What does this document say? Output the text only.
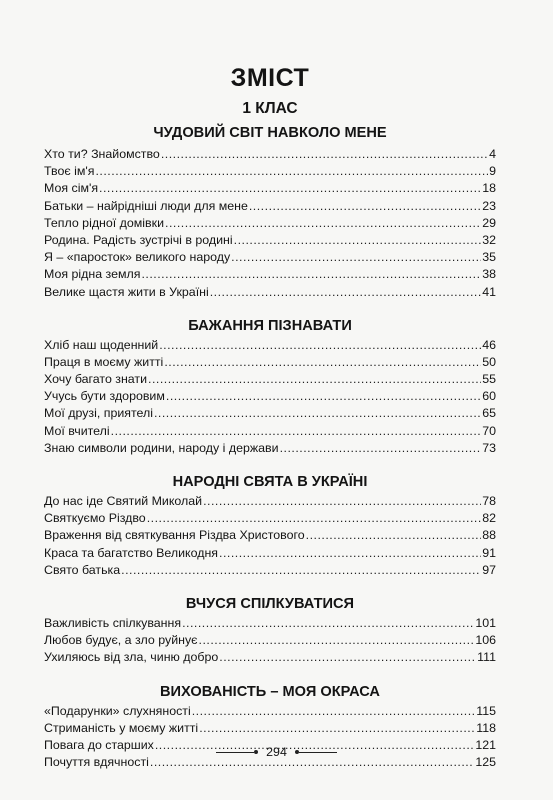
ЗМІСТ
1 КЛАС
ЧУДОВИЙ СВІТ НАВКОЛО МЕНЕ
Хто ти? Знайомство .....	4
Твоє ім'я .....	9
Моя сім'я .....	18
Батьки – найрідніші люди для мене .....	23
Тепло рідної домівки .....	29
Родина. Радість зустрічі в родині .....	32
Я – «паросток» великого народу .....	35
Моя рідна земля .....	38
Велике щастя жити в Україні .....	41
БАЖАННЯ ПІЗНАВАТИ
Хліб наш щоденний .....	46
Праця в моєму житті .....	50
Хочу багато знати .....	55
Учусь бути здоровим .....	60
Мої друзі, приятелі .....	65
Мої вчителі .....	70
Знаю символи родини, народу і держави .....	73
НАРОДНІ СВЯТА В УКРАЇНІ
До нас іде Святий Миколай .....	78
Святкуємо Різдво .....	82
Враження від святкування Різдва Христового .....	88
Краса та багатство Великодня .....	91
Свято батька .....	97
ВЧУСЯ СПІЛКУВАТИСЯ
Важливість спілкування .....	101
Любов будує, а зло руйнує .....	106
Ухиляюсь від зла, чиню добро .....	111
ВИХОВАНІСТЬ – МОЯ ОКРАСА
«Подарунки» слухняності .....	115
Стриманість у моєму житті .....	118
Повага до старших .....	121
Почуття вдячності .....	125
294
